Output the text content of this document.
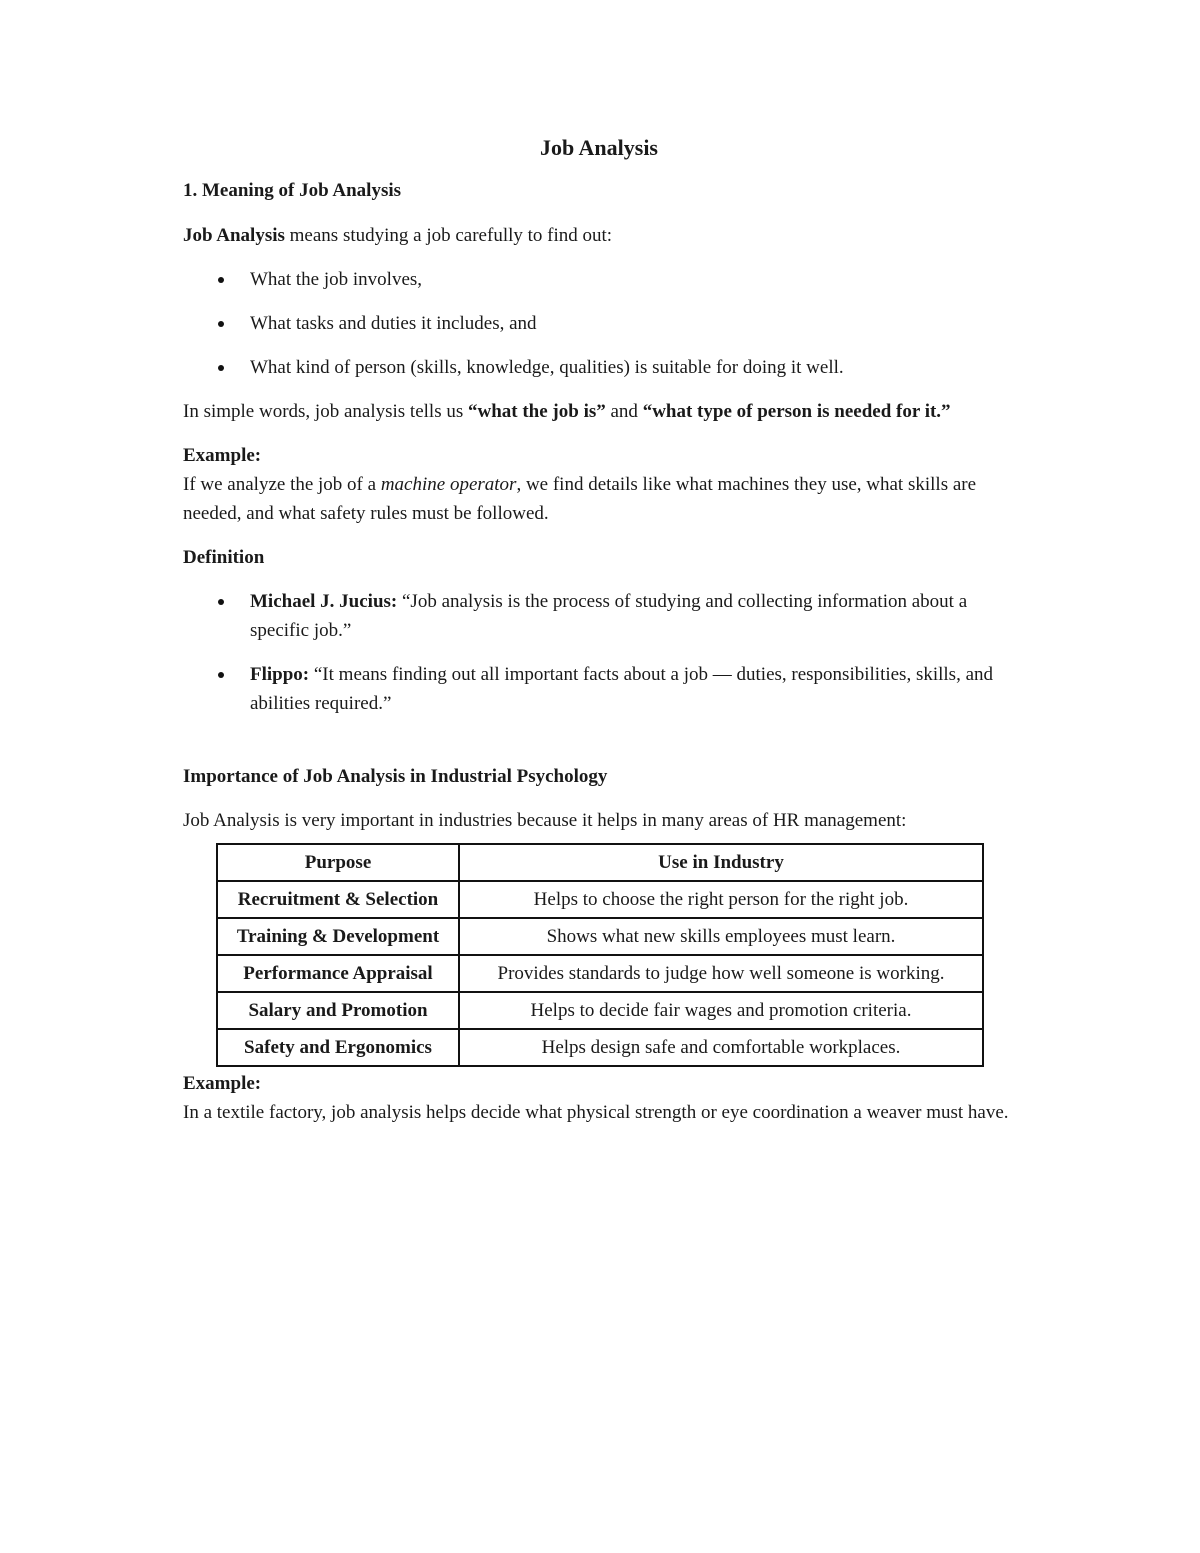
Job Analysis
1. Meaning of Job Analysis

Job Analysis means studying a job carefully to find out:

What the job involves,
What tasks and duties it includes, and
What kind of person (skills, knowledge, qualities) is suitable for doing it well.

In simple words, job analysis tells us “what the job is” and “what type of person is needed for it.”

Example:

If we analyze the job of a machine operator, we find details like what machines they use, what skills are needed, and what safety rules must be followed.

Definition
Michael J. Jucius: “Job analysis is the process of studying and collecting information about a specific job.”
Flippo: “It means finding out all important facts about a job — duties, responsibilities, skills, and abilities required.”
Importance of Job Analysis in Industrial Psychology

Job Analysis is very important in industries because it helps in many areas of HR management:

Purpose	Use in Industry
Recruitment & Selection	Helps to choose the right person for the right job.
Training & Development	Shows what new skills employees must learn.
Performance Appraisal	Provides standards to judge how well someone is working.
Salary and Promotion	Helps to decide fair wages and promotion criteria.
Safety and Ergonomics	Helps design safe and comfortable workplaces.
Example:

In a textile factory, job analysis helps decide what physical strength or eye coordination a weaver must have.
